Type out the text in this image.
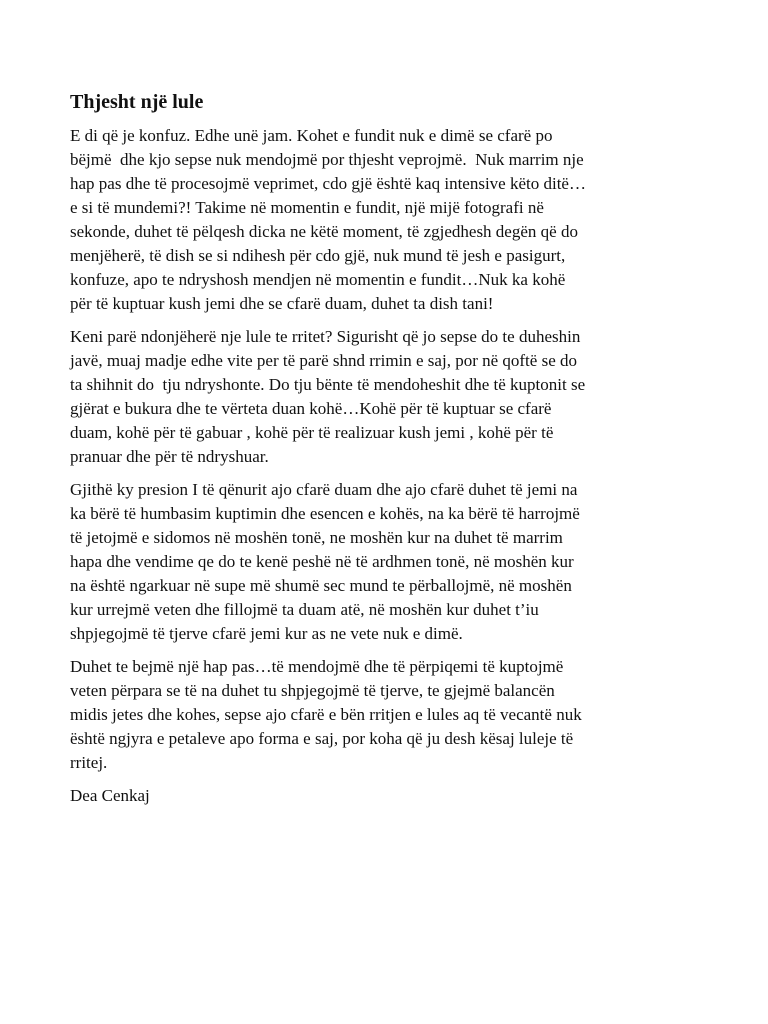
Thjesht një lule
E di që je konfuz. Edhe unë jam. Kohet e fundit nuk e dimë se cfarë po
bëjmë  dhe kjo sepse nuk mendojmë por thjesht veprojmë.  Nuk marrim nje
hap pas dhe të procesojmë veprimet, cdo gjë është kaq intensive këto ditë…
e si të mundemi?! Takime në momentin e fundit, një mijë fotografi në
sekonde, duhet të pëlqesh dicka ne këtë moment, të zgjedhesh degën që do
menjëherë, të dish se si ndihesh për cdo gjë, nuk mund të jesh e pasigurt,
konfuze, apo te ndryshosh mendjen në momentin e fundit…Nuk ka kohë
për të kuptuar kush jemi dhe se cfarë duam, duhet ta dish tani!
Keni parë ndonjëherë nje lule te rritet? Sigurisht që jo sepse do te duheshin
javë, muaj madje edhe vite per të parë shnd rrimin e saj, por në qoftë se do
ta shihnit do  tju ndryshonte. Do tju bënte të mendoheshit dhe të kuptonit se
gjërat e bukura dhe te vërteta duan kohë…Kohë për të kuptuar se cfarë
duam, kohë për të gabuar , kohë për të realizuar kush jemi , kohë për të
pranuar dhe për të ndryshuar.
Gjithë ky presion I të qënurit ajo cfarë duam dhe ajo cfarë duhet të jemi na
ka bërë të humbasim kuptimin dhe esencen e kohës, na ka bërë të harrojmë
të jetojmë e sidomos në moshën tonë, ne moshën kur na duhet të marrim
hapa dhe vendime qe do te kenë peshë në të ardhmen tonë, në moshën kur
na është ngarkuar në supe më shumë sec mund te përballojmë, në moshën
kur urrejmë veten dhe fillojmë ta duam atë, në moshën kur duhet t’iu
shpjegojmë të tjerve cfarë jemi kur as ne vete nuk e dimë.
Duhet te bejmë një hap pas…të mendojmë dhe të përpiqemi të kuptojmë
veten përpara se të na duhet tu shpjegojmë të tjerve, te gjejmë balancën
midis jetes dhe kohes, sepse ajo cfarë e bën rritjen e lules aq të vecantë nuk
është ngjyra e petaleve apo forma e saj, por koha që ju desh kësaj luleje të
rritej.

Dea Cenkaj
